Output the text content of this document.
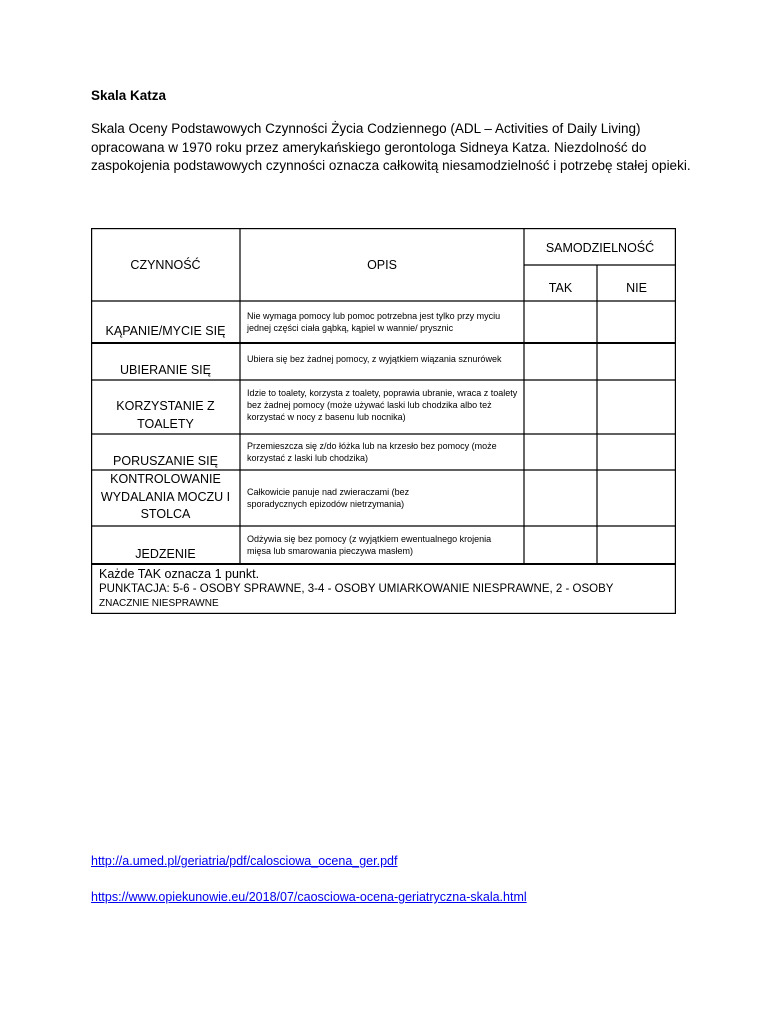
Skala Katza
Skala Oceny Podstawowych Czynności Życia Codziennego (ADL – Activities of Daily Living) opracowana w 1970 roku przez amerykańskiego gerontologa Sidneya Katza. Niezdolność do zaspokojenia podstawowych czynności oznacza całkowitą niesamodzielność i potrzebę stałej opieki.
CZYNNOŚĆ	OPIS
SAMODZIELNOŚĆ
TAK	NIE
KĄPANIE/MYCIE SIĘ
Nie wymaga pomocy lub pomoc potrzebna jest tylko przy myciu jednej części ciała gąbką, kąpiel w wannie/ prysznic
UBIERANIE SIĘ
Ubiera się bez żadnej pomocy, z wyjątkiem wiązania sznurówek
KORZYSTANIE Z TOALETY
Idzie to toalety, korzysta z toalety, poprawia ubranie, wraca z toalety bez żadnej pomocy (może używać laski lub chodzika albo też korzystać w nocy z basenu lub nocnika)
PORUSZANIE SIĘ
Przemieszcza się z/do łóżka lub na krzesło bez pomocy (może korzystać z laski lub chodzika)
KONTROLOWANIE WYDALANIA MOCZU I STOLCA
Całkowicie panuje nad zwieraczami (bez sporadycznych epizodów nietrzymania)
JEDZENIE
Odżywia się bez pomocy (z wyjątkiem ewentualnego krojenia mięsa lub smarowania pieczywa masłem)
Każde TAK oznacza 1 punkt.
PUNKTACJA: 5-6 - OSOBY SPRAWNE, 3-4 - OSOBY UMIARKOWANIE NIESPRAWNE, 2 - OSOBY
ZNACZNIE NIESPRAWNE
http://a.umed.pl/geriatria/pdf/calosciowa_ocena_ger.pdf
https://www.opiekunowie.eu/2018/07/caosciowa-ocena-geriatryczna-skala.html
